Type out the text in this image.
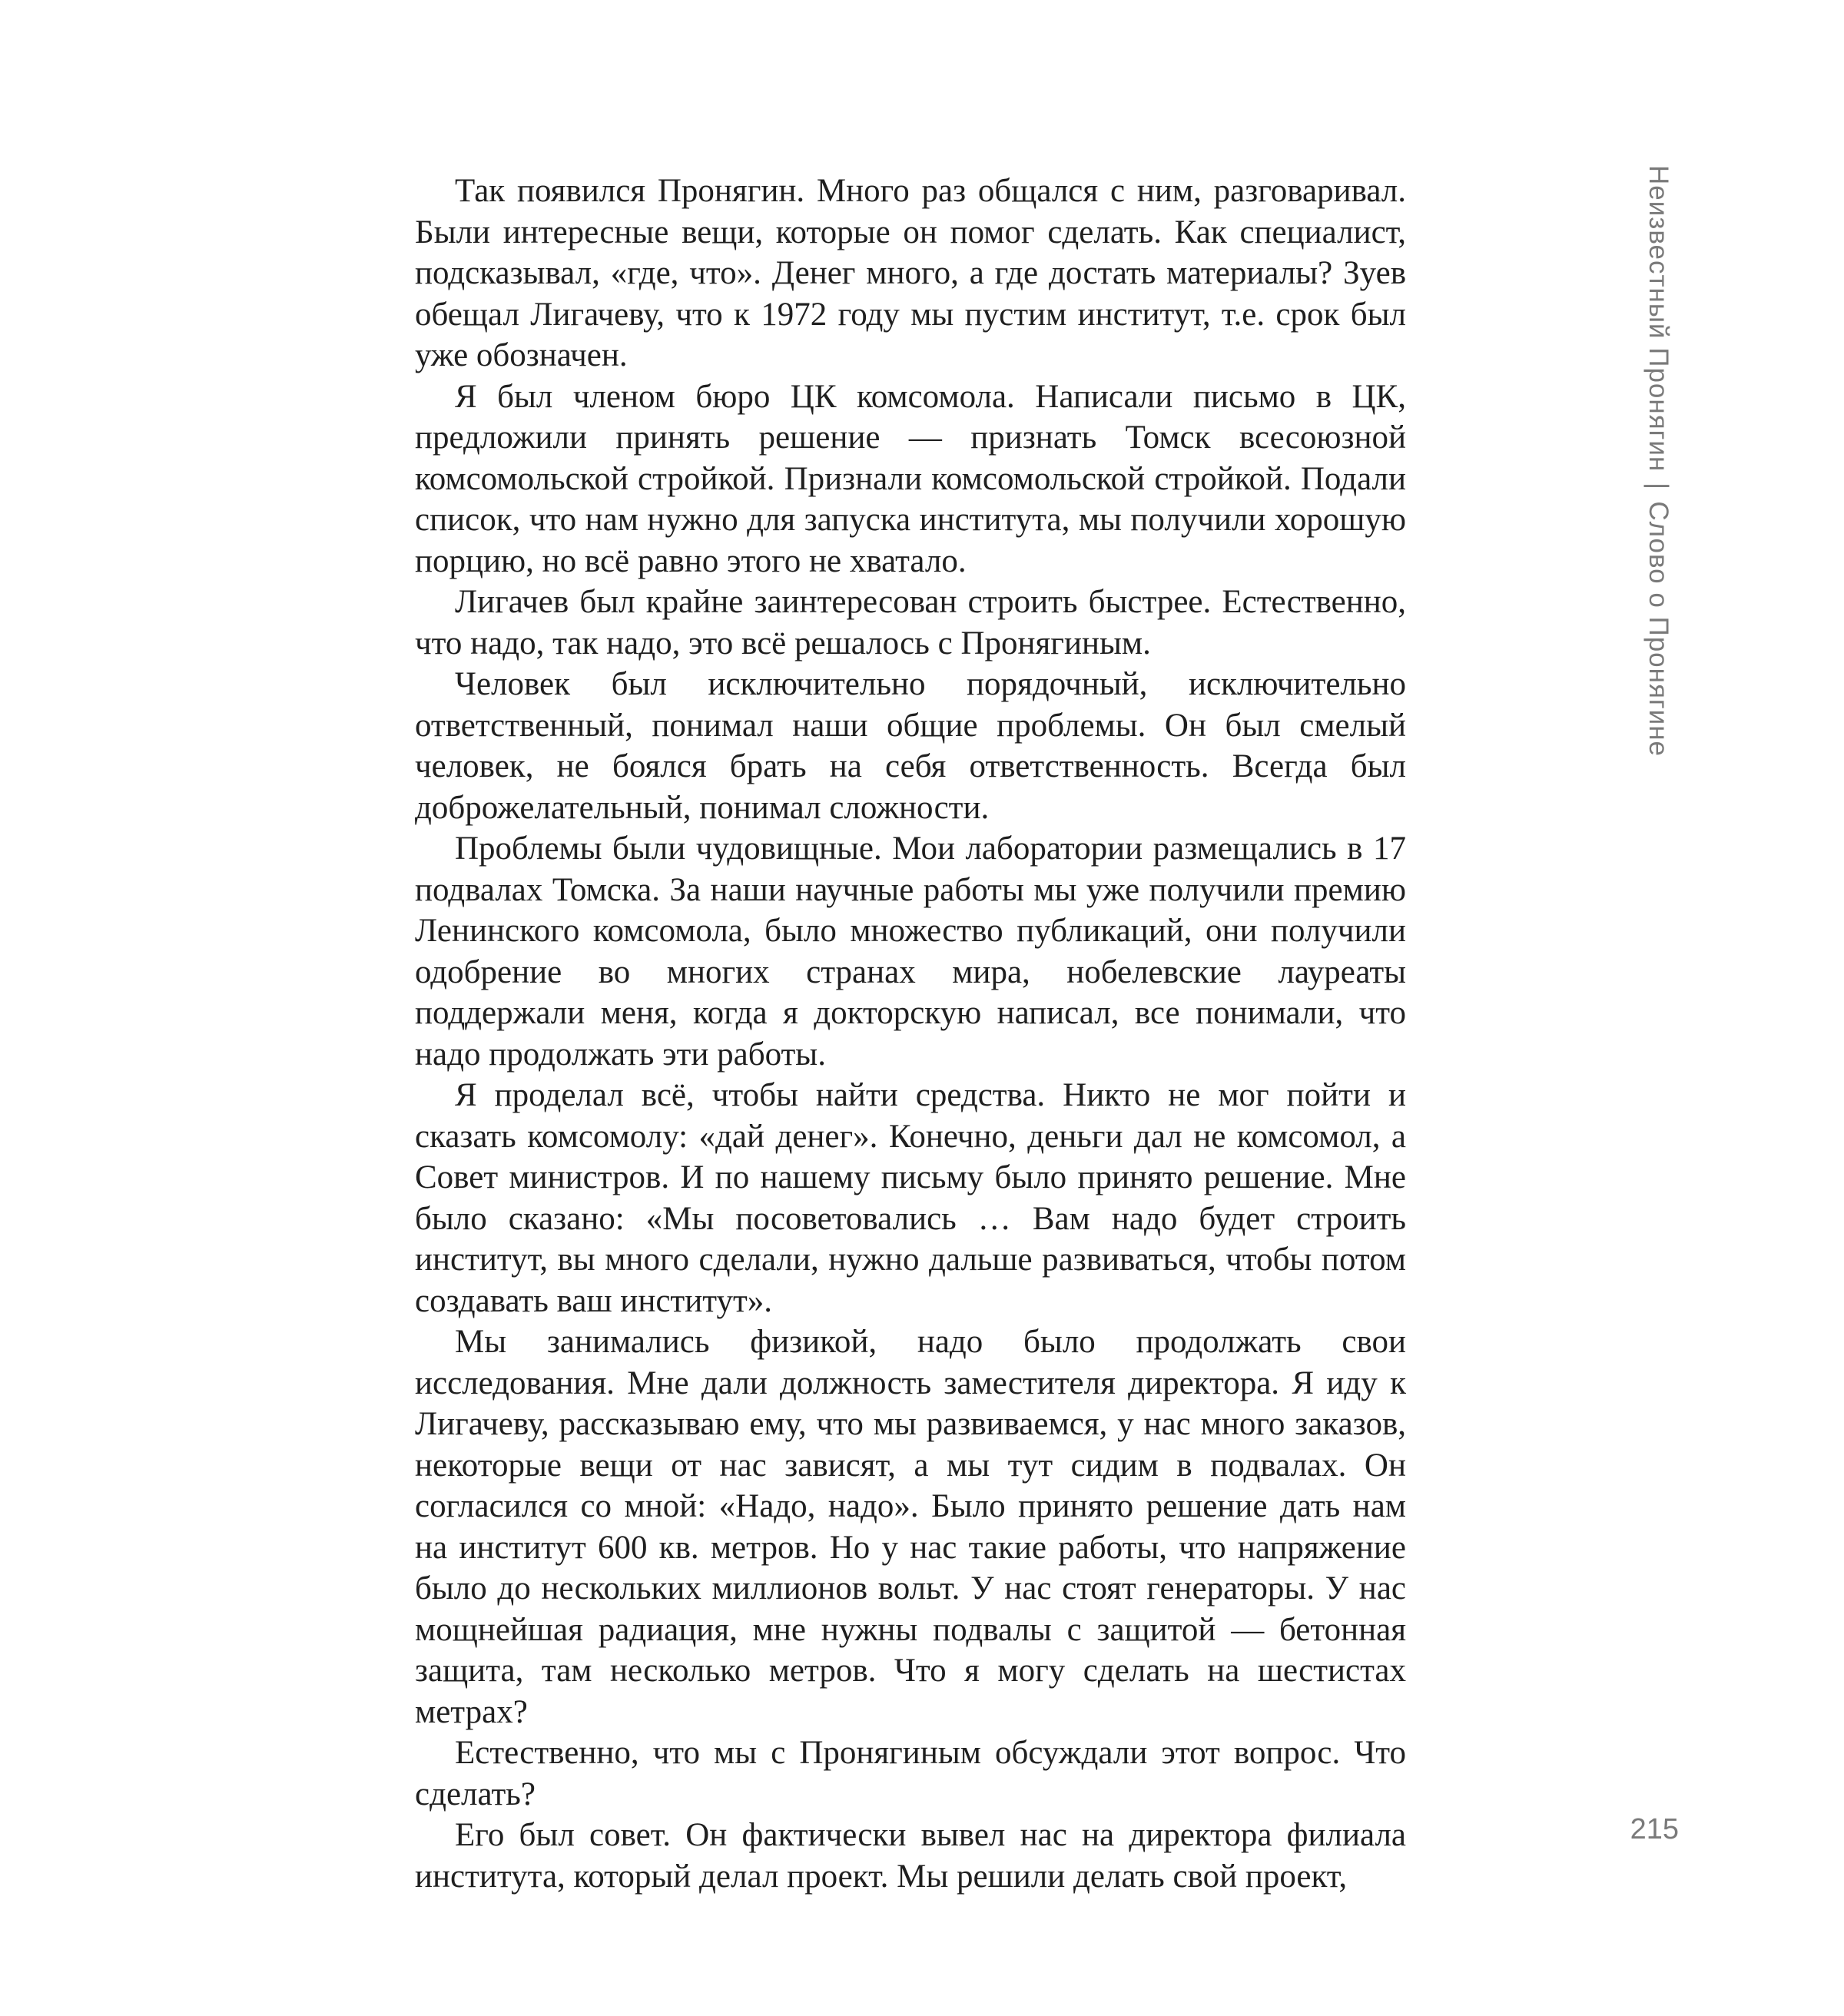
Так появился Пронягин. Много раз общался с ним, разговаривал. Были интересные вещи, которые он помог сделать. Как специалист, подсказывал, «где, что». Денег много, а где достать материалы? Зуев обещал Лигачеву, что к 1972 году мы пустим институт, т.е. срок был уже обозначен.

Я был членом бюро ЦК комсомола. Написали письмо в ЦК, предложили принять решение — признать Томск всесоюзной комсомольской стройкой. Признали комсомольской стройкой. Подали список, что нам нужно для запуска института, мы получили хорошую порцию, но всё равно этого не хватало.

Лигачев был крайне заинтересован строить быстрее. Естественно, что надо, так надо, это всё решалось с Пронягиным.

Человек был исключительно порядочный, исключительно ответственный, понимал наши общие проблемы. Он был смелый человек, не боялся брать на себя ответственность. Всегда был доброжелательный, понимал сложности.

Проблемы были чудовищные. Мои лаборатории размещались в 17 подвалах Томска. За наши научные работы мы уже получили премию Ленинского комсомола, было множество публикаций, они получили одобрение во многих странах мира, нобелевские лауреаты поддержали меня, когда я докторскую написал, все понимали, что надо продолжать эти работы.

Я проделал всё, чтобы найти средства. Никто не мог пойти и сказать комсомолу: «дай денег». Конечно, деньги дал не комсомол, а Совет министров. И по нашему письму было принято решение. Мне было сказано: «Мы посоветовались … Вам надо будет строить институт, вы много сделали, нужно дальше развиваться, чтобы потом создавать ваш институт».

Мы занимались физикой, надо было продолжать свои исследования. Мне дали должность заместителя директора. Я иду к Лигачеву, рассказываю ему, что мы развиваемся, у нас много заказов, некоторые вещи от нас зависят, а мы тут сидим в подвалах. Он согласился со мной: «Надо, надо». Было принято решение дать нам на институт 600 кв. метров. Но у нас такие работы, что напряжение было до нескольких миллионов вольт. У нас стоят генераторы. У нас мощнейшая радиация, мне нужны подвалы с защитой — бетонная защита, там несколько метров. Что я могу сделать на шестистах метрах?

Естественно, что мы с Пронягиным обсуждали этот вопрос. Что сделать?

Его был совет. Он фактически вывел нас на директора филиала института, который делал проект. Мы решили делать свой проект,

Неизвестный Пронягин|Слово о Пронягине
215
